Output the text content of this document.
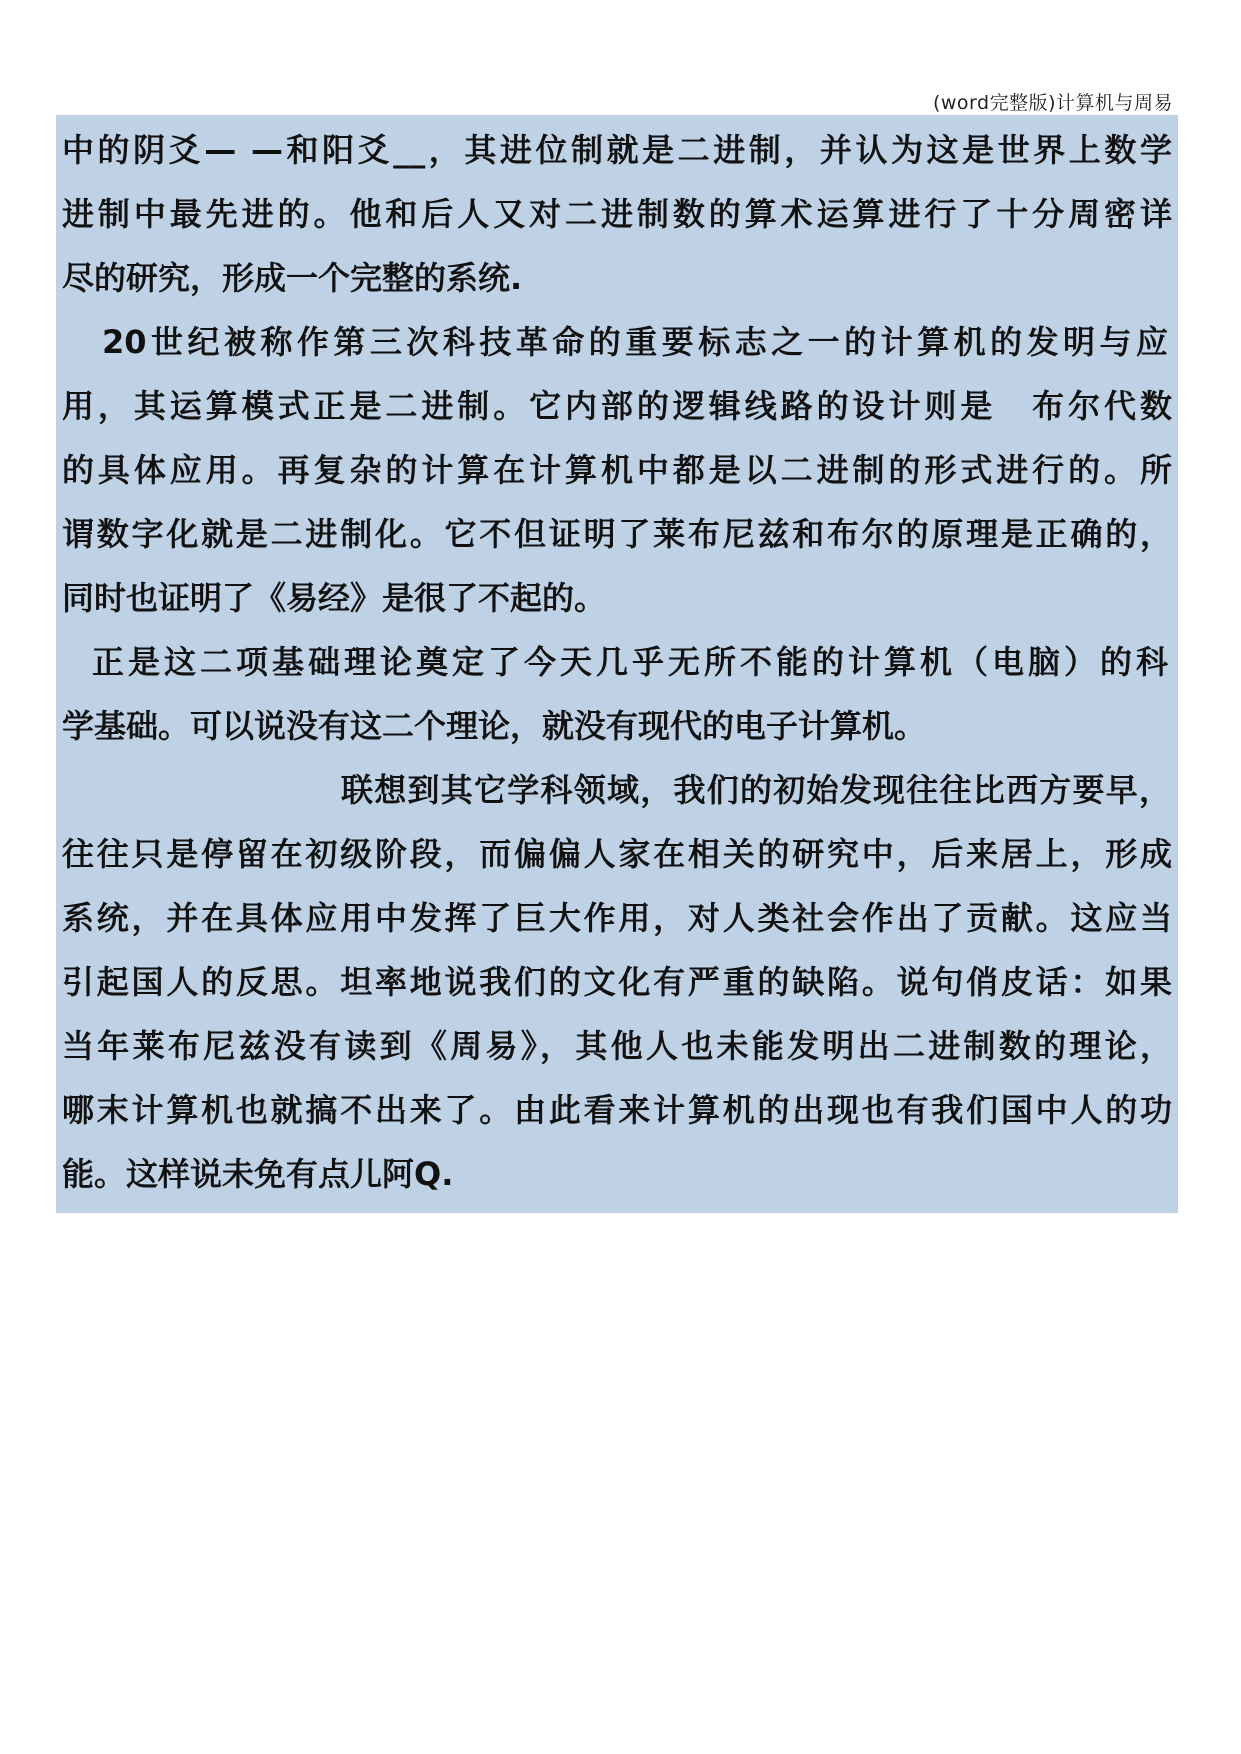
(word完整版)计算机与周易
中的阴爻— —和阳爻__，其进位制就是二进制，并认为这是世界上数学
进制中最先进的。他和后人又对二进制数的算术运算进行了十分周密详
尽的研究，形成一个完整的系统.
20世纪被称作第三次科技革命的重要标志之一的计算机的发明与应
用，其运算模式正是二进制。它内部的逻辑线路的设计则是　布尔代数
的具体应用。再复杂的计算在计算机中都是以二进制的形式进行的。所
谓数字化就是二进制化。它不但证明了莱布尼兹和布尔的原理是正确的，
同时也证明了《易经》是很了不起的。
正是这二项基础理论奠定了今天几乎无所不能的计算机（电脑）的科
学基础。可以说没有这二个理论，就没有现代的电子计算机。
联想到其它学科领域，我们的初始发现往往比西方要早，
往往只是停留在初级阶段，而偏偏人家在相关的研究中，后来居上，形成
系统，并在具体应用中发挥了巨大作用，对人类社会作出了贡献。这应当
引起国人的反思。坦率地说我们的文化有严重的缺陷。说句俏皮话：如果
当年莱布尼兹没有读到《周易》，其他人也未能发明出二进制数的理论，
哪末计算机也就搞不出来了。由此看来计算机的出现也有我们国中人的功
能。这样说未免有点儿阿Q.
